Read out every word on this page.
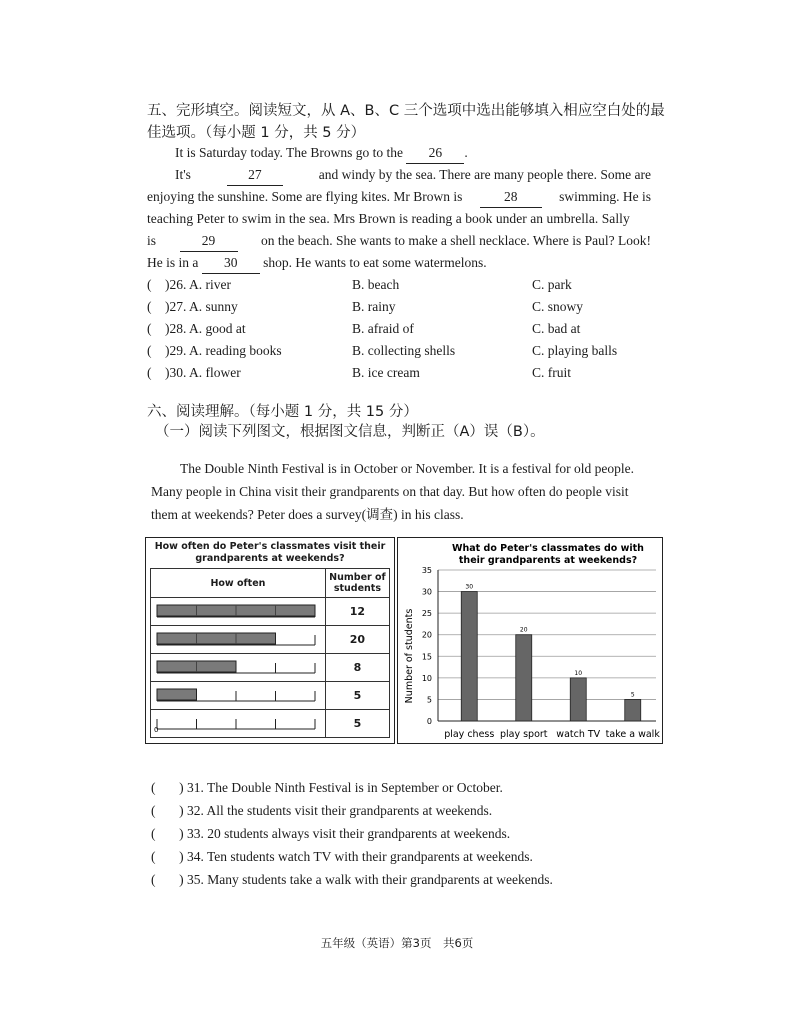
五、完形填空。阅读短文，从 A、B、C 三个选项中选出能够填入相应空白处的最
佳选项。（每小题 1 分，共 5 分）
It is Saturday today. The Browns go to the 26 .
It's	27	and windy by the sea. There are many people there. Some are
enjoying the sunshine. Some are flying kites. Mr Brown is	28	swimming. He is
teaching Peter to swim in the sea. Mrs Brown is reading a book under an umbrella. Sally
is	29	on the beach. She wants to make a shell necklace. Where is Paul? Look!
He is in a 30 shop. He wants to eat some watermelons.
(    )26. A. river	B. beach	C. park
(    )27. A. sunny	B. rainy	C. snowy
(    )28. A. good at	B. afraid of	C. bad at
(    )29. A. reading books	B. collecting shells	C. playing balls
(    )30. A. flower	B. ice cream	C. fruit
六、阅读理解。（每小题 1 分，共 15 分）
（一）阅读下列图文，根据图文信息，判断正（A）误（B）。
The Double Ninth Festival is in October or November. It is a festival for old people.
Many people in China visit their grandparents on that day. But how often do people visit
them at weekends? Peter does a survey(调查) in his class.
How often do Peter's classmates visit their grandparents at weekends?
How often	Number of students
	12
	20
	8
	5

0	5
What do Peter's classmates do with
their grandparents at weekends?
Number of students
0
5
10
15
20
25
30
35
30
play chess
20
play sport
10
watch TV
5
take a walk
(       ) 31. The Double Ninth Festival is in September or October.
(       ) 32. All the students visit their grandparents at weekends.
(       ) 33. 20 students always visit their grandparents at weekends.
(       ) 34. Ten students watch TV with their grandparents at weekends.
(       ) 35. Many students take a walk with their grandparents at weekends.
五年级（英语）第3页　共6页
